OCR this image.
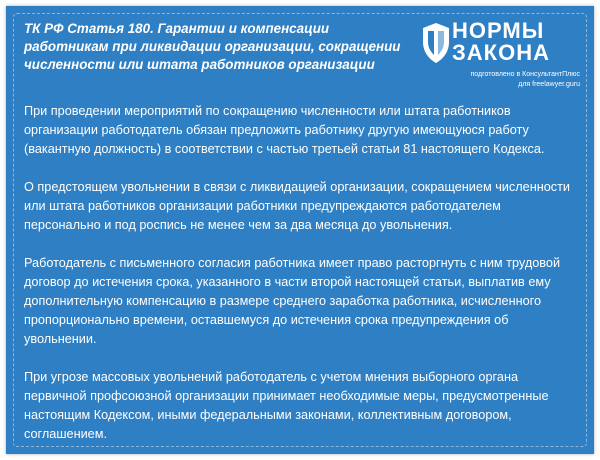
ТК РФ Статья 180. Гарантии и компенсации работникам при ликвидации организации, сокращении численности или штата работников организации
НОРМЫ
ЗАКОНА
подготовлено в КонсультантПлюс
для freelawyer.guru

При проведении мероприятий по сокращению численности или штата работников организации работодатель обязан предложить работнику другую имеющуюся работу (вакантную должность) в соответствии с частью третьей статьи 81 настоящего Кодекса.

О предстоящем увольнении в связи с ликвидацией организации, сокращением численности или штата работников организации работники предупреждаются работодателем персонально и под роспись не менее чем за два месяца до увольнения.

Работодатель с письменного согласия работника имеет право расторгнуть с ним трудовой договор до истечения срока, указанного в части второй настоящей статьи, выплатив ему дополнительную компенсацию в размере среднего заработка работника, исчисленного пропорционально времени, оставшемуся до истечения срока предупреждения об увольнении.

При угрозе массовых увольнений работодатель с учетом мнения выборного органа первичной профсоюзной организации принимает необходимые меры, предусмотренные настоящим Кодексом, иными федеральными законами, коллективным договором, соглашением.
